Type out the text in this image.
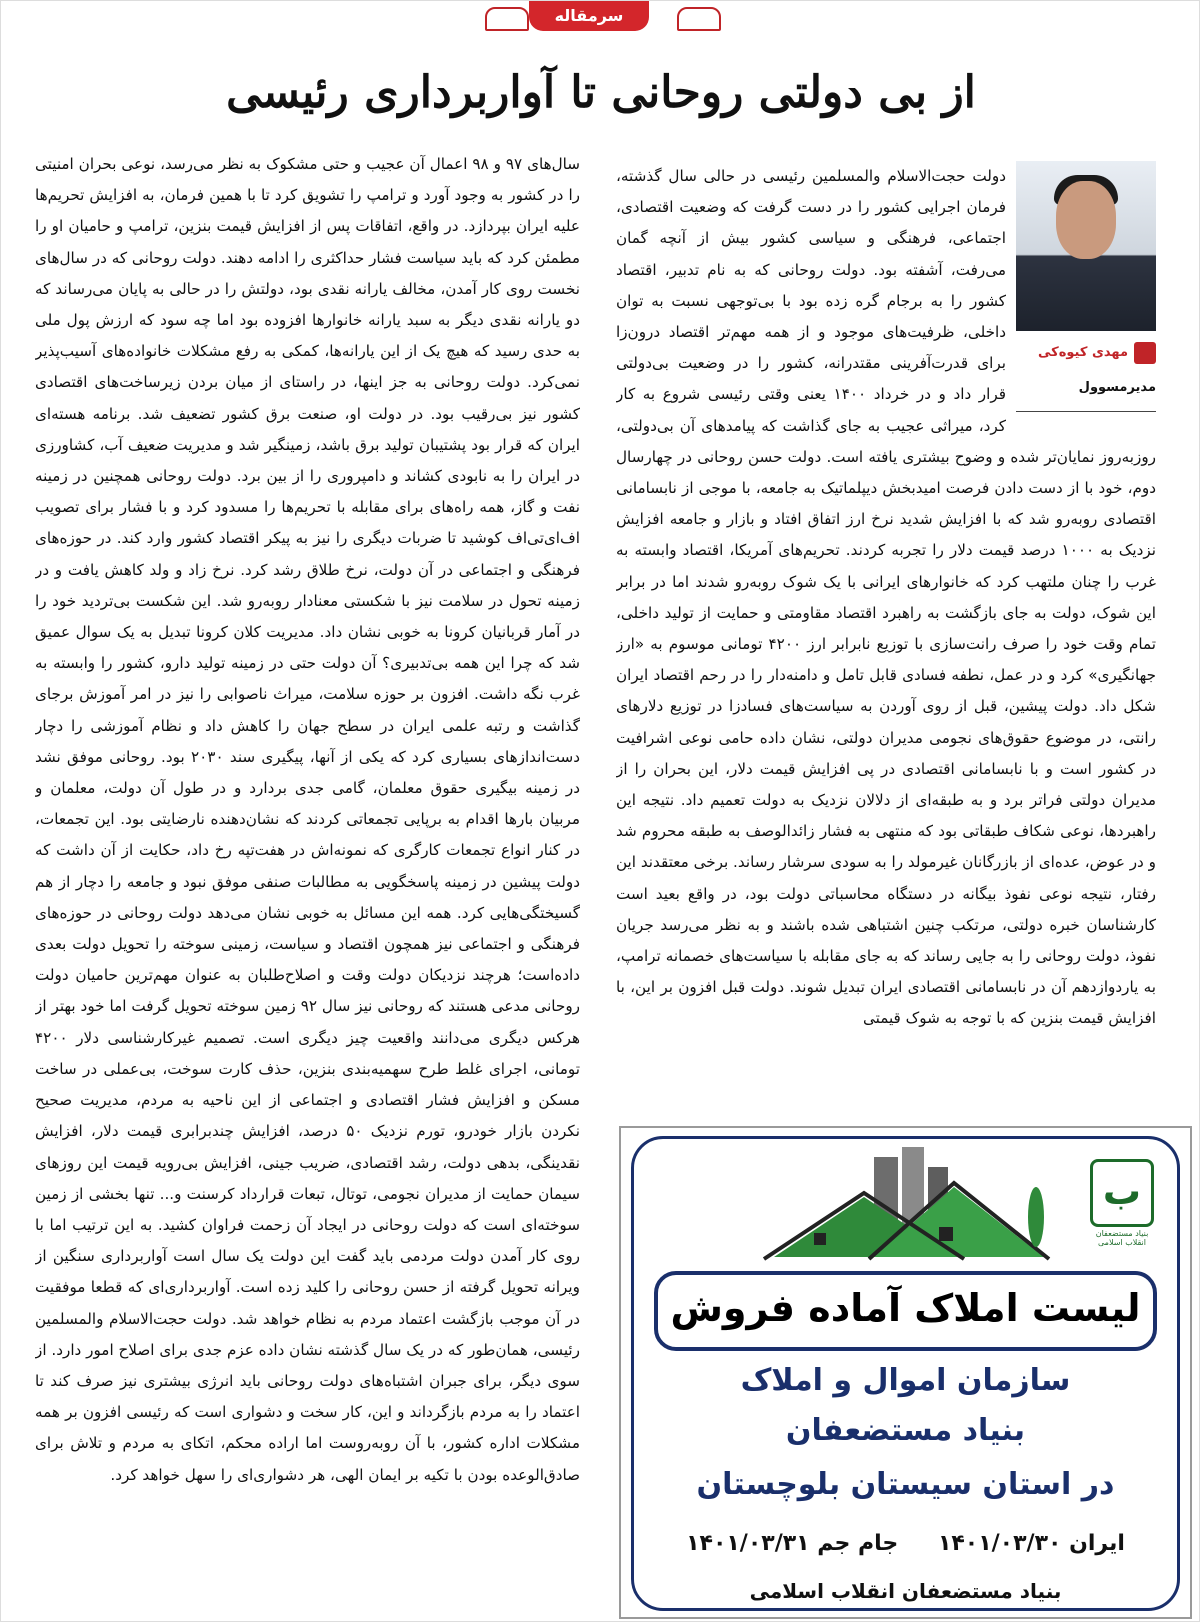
سرمقاله
از بی دولتی روحانی تا آواربرداری رئیسی
مهدی کیوه‌کی
مدیرمسوول

دولت حجت‌الاسلام والمسلمین رئیسی در حالی سال گذشته، فرمان اجرایی کشور را در دست گرفت که وضعیت اقتصادی، اجتماعی، فرهنگی و سیاسی کشور بیش از آنچه گمان می‌رفت، آشفته بود. دولت روحانی که به نام تدبیر، اقتصاد کشور را به برجام گره زده بود با بی‌توجهی نسبت به توان داخلی، ظرفیت‌های موجود و از همه مهم‌تر اقتصاد درون‌زا برای قدرت‌آفرینی مقتدرانه، کشور را در وضعیت بی‌دولتی قرار داد و در خرداد ۱۴۰۰ یعنی وقتی رئیسی شروع به کار کرد، میراثی عجیب به جای گذاشت که پیامدهای آن بی‌دولتی، روزبه‌روز نمایان‌تر شده و وضوح بیشتری یافته است. دولت حسن روحانی در چهارسال دوم، خود با از دست دادن فرصت امیدبخش دیپلماتیک به جامعه، با موجی از نابسامانی اقتصادی روبه‌رو شد که با افزایش شدید نرخ ارز اتفاق افتاد و بازار و جامعه افزایش نزدیک به ۱۰۰۰ درصد قیمت دلار را تجربه کردند. تحریم‌های آمریکا، اقتصاد وابسته به غرب را چنان ملتهب کرد که خانوارهای ایرانی با یک شوک روبه‌رو شدند اما در برابر این شوک، دولت به جای بازگشت به راهبرد اقتصاد مقاومتی و حمایت از تولید داخلی، تمام وقت خود را صرف رانت‌سازی با توزیع نابرابر ارز ۴۲۰۰ تومانی موسوم به «ارز جهانگیری» کرد و در عمل، نطفه فسادی قابل تامل و دامنه‌دار را در رحم اقتصاد ایران شکل داد. دولت پیشین، قبل از روی آوردن به سیاست‌های فسادزا در توزیع دلارهای رانتی، در موضوع حقوق‌های نجومی مدیران دولتی، نشان داده حامی نوعی اشرافیت در کشور است و با نابسامانی اقتصادی در پی افزایش قیمت دلار، این بحران را از مدیران دولتی فراتر برد و به طبقه‌ای از دلالان نزدیک به دولت تعمیم داد. نتیجه این راهبردها، نوعی شکاف طبقاتی بود که منتهی به فشار زائدالوصف به طبقه محروم شد و در عوض، عده‌ای از بازرگانان غیرمولد را به سودی سرشار رساند. برخی معتقدند این رفتار، نتیجه نوعی نفوذ بیگانه در دستگاه محاسباتی دولت بود، در واقع بعید است کارشناسان خبره دولتی، مرتکب چنین اشتباهی شده باشند و به نظر می‌رسد جریان نفوذ، دولت روحانی را به جایی رساند که به جای مقابله با سیاست‌های خصمانه ترامپ، به یاردوازدهم آن در نابسامانی اقتصادی ایران تبدیل شوند. دولت قبل افزون بر این، با افزایش قیمت بنزین که با توجه به شوک قیمتی

سال‌های ۹۷ و ۹۸ اعمال آن عجیب و حتی مشکوک به نظر می‌رسد، نوعی بحران امنیتی را در کشور به وجود آورد و ترامپ را تشویق کرد تا با همین فرمان، به افزایش تحریم‌ها علیه ایران بپردازد. در واقع، اتفاقات پس از افزایش قیمت بنزین، ترامپ و حامیان او را مطمئن کرد که باید سیاست فشار حداکثری را ادامه دهند. دولت روحانی که در سال‌های نخست روی کار آمدن، مخالف یارانه نقدی بود، دولتش را در حالی به پایان می‌رساند که دو یارانه نقدی دیگر به سبد یارانه خانوارها افزوده بود اما چه سود که ارزش پول ملی به حدی رسید که هیچ یک از این یارانه‌ها، کمکی به رفع مشکلات خانواده‌های آسیب‌پذیر نمی‌کرد. دولت روحانی به جز اینها، در راستای از میان بردن زیرساخت‌های اقتصادی کشور نیز بی‌رقیب بود. در دولت او، صنعت برق کشور تضعیف شد. برنامه هسته‌ای ایران که قرار بود پشتیبان تولید برق باشد، زمینگیر شد و مدیریت ضعیف آب، کشاورزی در ایران را به نابودی کشاند و دامپروری را از بین برد. دولت روحانی همچنین در زمینه نفت و گاز، همه راه‌های برای مقابله با تحریم‌ها را مسدود کرد و با فشار برای تصویب اف‌ای‌تی‌اف کوشید تا ضربات دیگری را نیز به پیکر اقتصاد کشور وارد کند. در حوزه‌های فرهنگی و اجتماعی در آن دولت، نرخ طلاق رشد کرد. نرخ زاد و ولد کاهش یافت و در زمینه تحول در سلامت نیز با شکستی معنادار روبه‌رو شد. این شکست بی‌تردید خود را در آمار قربانیان کرونا به خوبی نشان داد. مدیریت کلان کرونا تبدیل به یک سوال عمیق شد که چرا این همه بی‌تدبیری؟ آن دولت حتی در زمینه تولید دارو، کشور را وابسته به غرب نگه داشت. افزون بر حوزه سلامت، میراث ناصوابی را نیز در امر آموزش برجای گذاشت و رتبه علمی ایران در سطح جهان را کاهش داد و نظام آموزشی را دچار دست‌اندازهای بسیاری کرد که یکی از آنها، پیگیری سند ۲۰۳۰ بود. روحانی موفق نشد در زمینه بیگیری حقوق معلمان، گامی جدی بردارد و در طول آن دولت، معلمان و مربیان بارها اقدام به برپایی تجمعاتی کردند که نشان‌دهنده نارضایتی بود. این تجمعات، در کنار انواع تجمعات کارگری که نمونه‌اش در هفت‌تپه رخ داد، حکایت از آن داشت که دولت پیشین در زمینه پاسخگویی به مطالبات صنفی موفق نبود و جامعه را دچار از هم گسیختگی‌هایی کرد. همه این مسائل به خوبی نشان می‌دهد دولت روحانی در حوزه‌های فرهنگی و اجتماعی نیز همچون اقتصاد و سیاست، زمینی سوخته را تحویل دولت بعدی داده‌است؛ هرچند نزدیکان دولت وقت و اصلاح‌طلبان به عنوان مهم‌ترین حامیان دولت روحانی مدعی هستند که روحانی نیز سال ۹۲ زمین سوخته تحویل گرفت اما خود بهتر از هرکس دیگری می‌دانند واقعیت چیز دیگری است. تصمیم غیرکارشناسی دلار ۴۲۰۰ تومانی، اجرای غلط طرح سهمیه‌بندی بنزین، حذف کارت سوخت، بی‌عملی در ساخت مسکن و افزایش فشار اقتصادی و اجتماعی از این ناحیه به مردم، مدیریت صحیح نکردن بازار خودرو، تورم نزدیک ۵۰ درصد، افزایش چندبرابری قیمت دلار، افزایش نقدینگی، بدهی دولت، رشد اقتصادی، ضریب جینی، افزایش بی‌رویه قیمت این روزهای سیمان حمایت از مدیران نجومی، توتال، تبعات قرارداد کرسنت و... تنها بخشی از زمین سوخته‌ای است که دولت روحانی در ایجاد آن زحمت فراوان کشید. به این ترتیب اما با روی کار آمدن دولت مردمی باید گفت این دولت یک سال است آواربرداری سنگین از ویرانه تحویل گرفته از حسن روحانی را کلید زده است. آواربرداری‌ای که قطعا موفقیت در آن موجب بازگشت اعتماد مردم به نظام خواهد شد. دولت حجت‌الاسلام والمسلمین رئیسی، همان‌طور که در یک سال گذشته نشان داده عزم جدی برای اصلاح امور دارد. از سوی دیگر، برای جبران اشتباه‌های دولت روحانی باید انرژی بیشتری نیز صرف کند تا اعتماد را به مردم بازگرداند و این، کار سخت و دشواری است که رئیسی افزون بر همه مشکلات اداره کشور، با آن روبه‌روست اما اراده محکم، اتکای به مردم و تلاش برای صادق‌الوعده بودن با تکیه بر ایمان الهی، هر دشواری‌ای را سهل خواهد کرد.

ب
بنیاد مستضعفان انقلاب اسلامی
لیست املاک آماده فروش
سازمان اموال و املاک
بنیاد مستضعفان
در استان سیستان بلوچستان
ایران ۱۴۰۱/۰۳/۳۰ جام جم ۱۴۰۱/۰۳/۳۱
بنیاد مستضعفان انقلاب اسلامی
